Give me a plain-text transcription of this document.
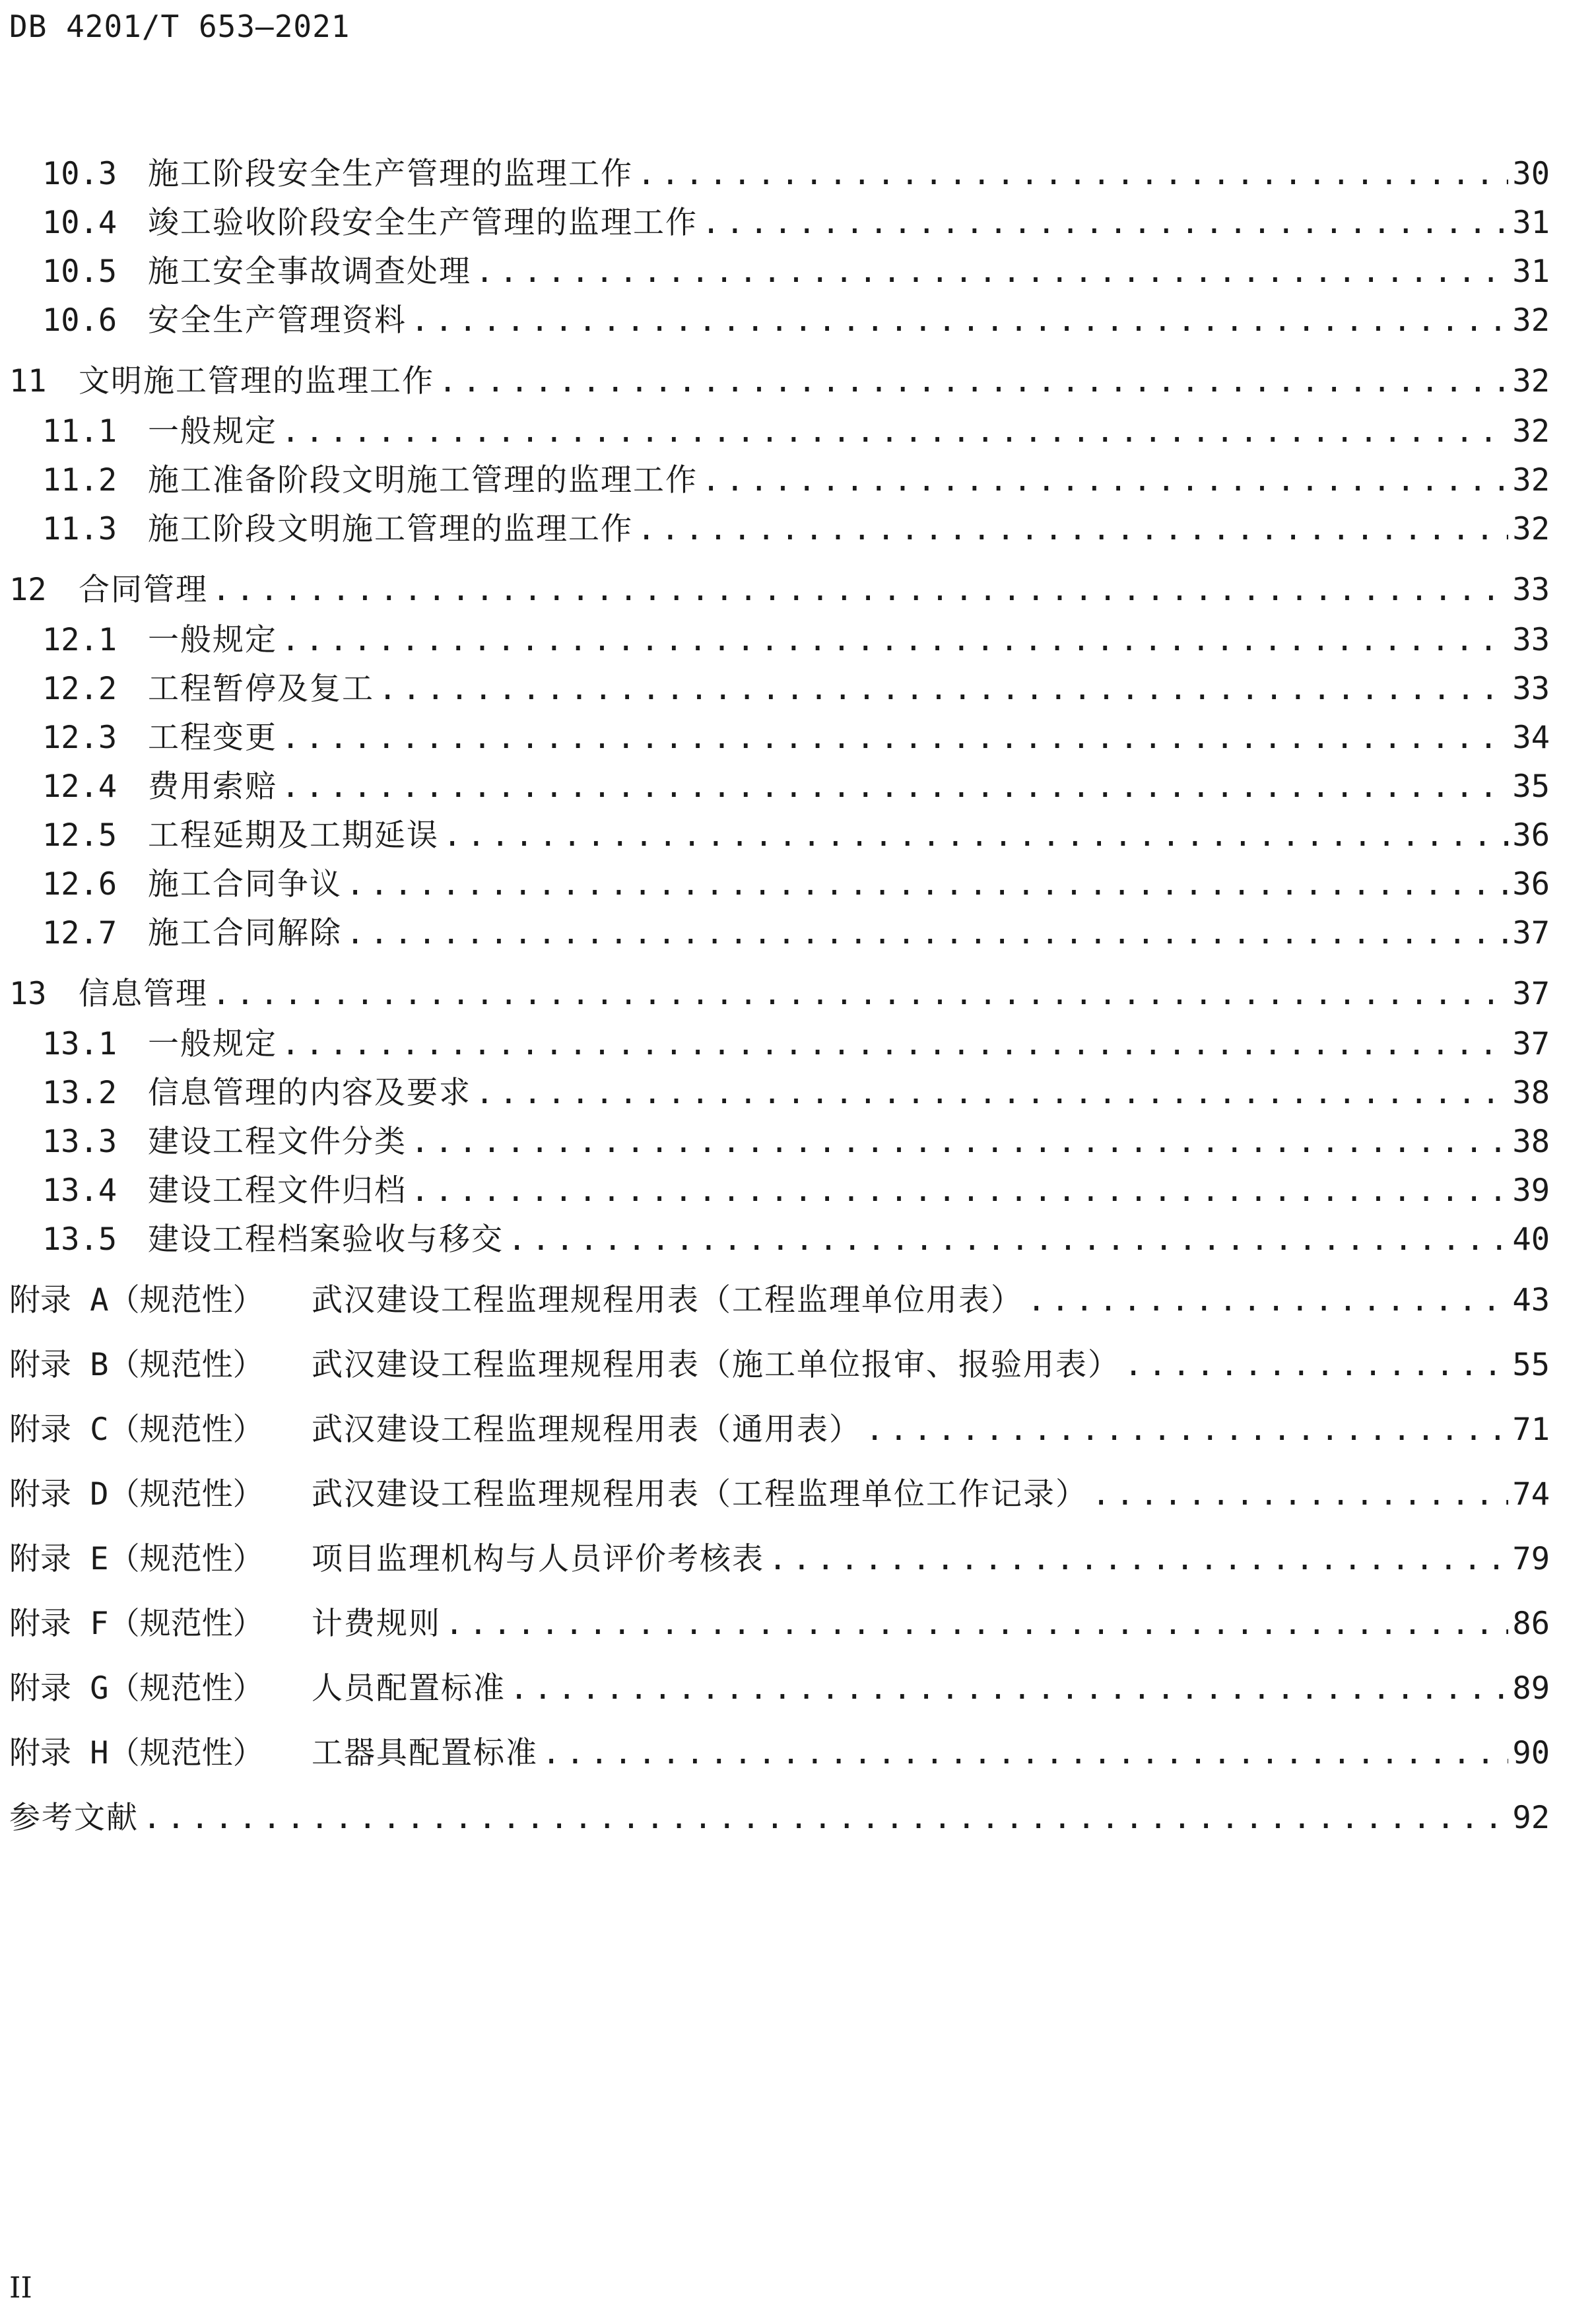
DB 4201/T 653—2021
10.3 施工阶段安全生产管理的监理工作 .....	30
10.4 竣工验收阶段安全生产管理的监理工作 .....	31
10.5 施工安全事故调查处理 .....	31
10.6 安全生产管理资料 .....	32
11	文明施工管理的监理工作 .....	32
11.1 一般规定 .....	32
11.2 施工准备阶段文明施工管理的监理工作 .....	32
11.3 施工阶段文明施工管理的监理工作 .....	32
12	合同管理 .....	33
12.1 一般规定 .....	33
12.2 工程暂停及复工 .....	33
12.3 工程变更 .....	34
12.4 费用索赔 .....	35
12.5 工程延期及工期延误 .....	36
12.6 施工合同争议 .....	36
12.7 施工合同解除 .....	37
13	信息管理 .....	37
13.1 一般规定 .....	37
13.2 信息管理的内容及要求 .....	38
13.3 建设工程文件分类 .....	38
13.4 建设工程文件归档 .....	39
13.5 建设工程档案验收与移交 .....	40
附录 A（规范性）	武汉建设工程监理规程用表（工程监理单位用表） .....	43
附录 B（规范性）	武汉建设工程监理规程用表（施工单位报审、报验用表） .....	55
附录 C（规范性）	武汉建设工程监理规程用表（通用表） .....	71
附录 D（规范性）	武汉建设工程监理规程用表（工程监理单位工作记录） .....	74
附录 E（规范性）	项目监理机构与人员评价考核表 .....	79
附录 F（规范性）	计费规则 .....	86
附录 G（规范性）	人员配置标准 .....	89
附录 H（规范性）	工器具配置标准 .....	90
参考文献 .....	92
II
